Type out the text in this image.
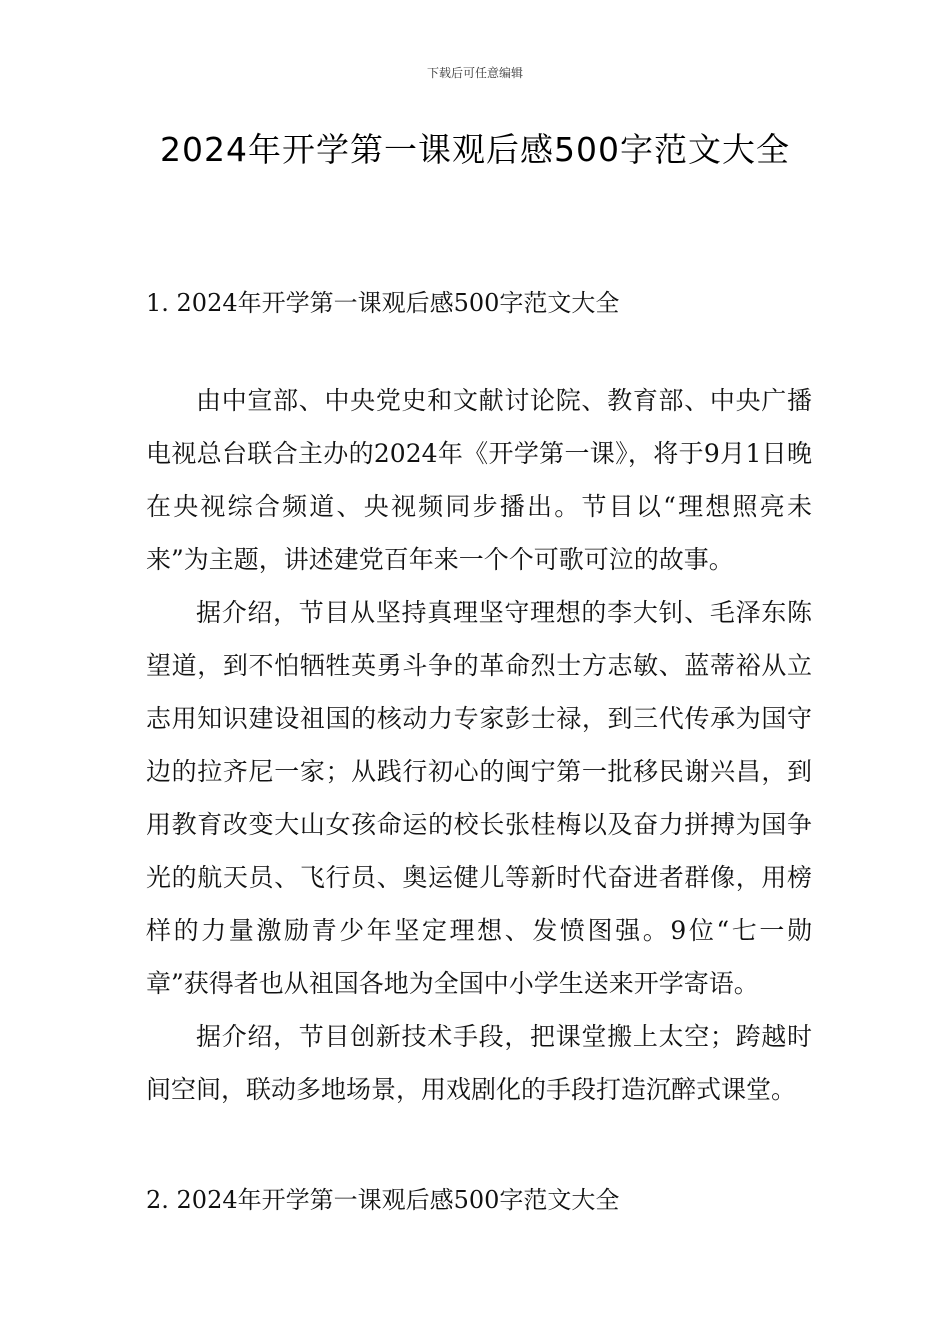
下载后可任意编辑
2024年开学第一课观后感500字范文大全
1. 2024年开学第一课观后感500字范文大全

由中宣部、中央党史和文献讨论院、教育部、中央广播电视总台联合主办的2024年《开学第一课》，将于9月1日晚在央视综合频道、央视频同步播出。节目以“理想照亮未来”为主题，讲述建党百年来一个个可歌可泣的故事。

据介绍，节目从坚持真理坚守理想的李大钊、毛泽东陈望道，到不怕牺牲英勇斗争的革命烈士方志敏、蓝蒂裕从立志用知识建设祖国的核动力专家彭士禄，到三代传承为国守边的拉齐尼一家；从践行初心的闽宁第一批移民谢兴昌，到用教育改变大山女孩命运的校长张桂梅以及奋力拼搏为国争光的航天员、飞行员、奥运健儿等新时代奋进者群像，用榜样的力量激励青少年坚定理想、发愤图强。9位“七一勋章”获得者也从祖国各地为全国中小学生送来开学寄语。

据介绍，节目创新技术手段，把课堂搬上太空；跨越时间空间，联动多地场景，用戏剧化的手段打造沉醉式课堂。

2. 2024年开学第一课观后感500字范文大全
